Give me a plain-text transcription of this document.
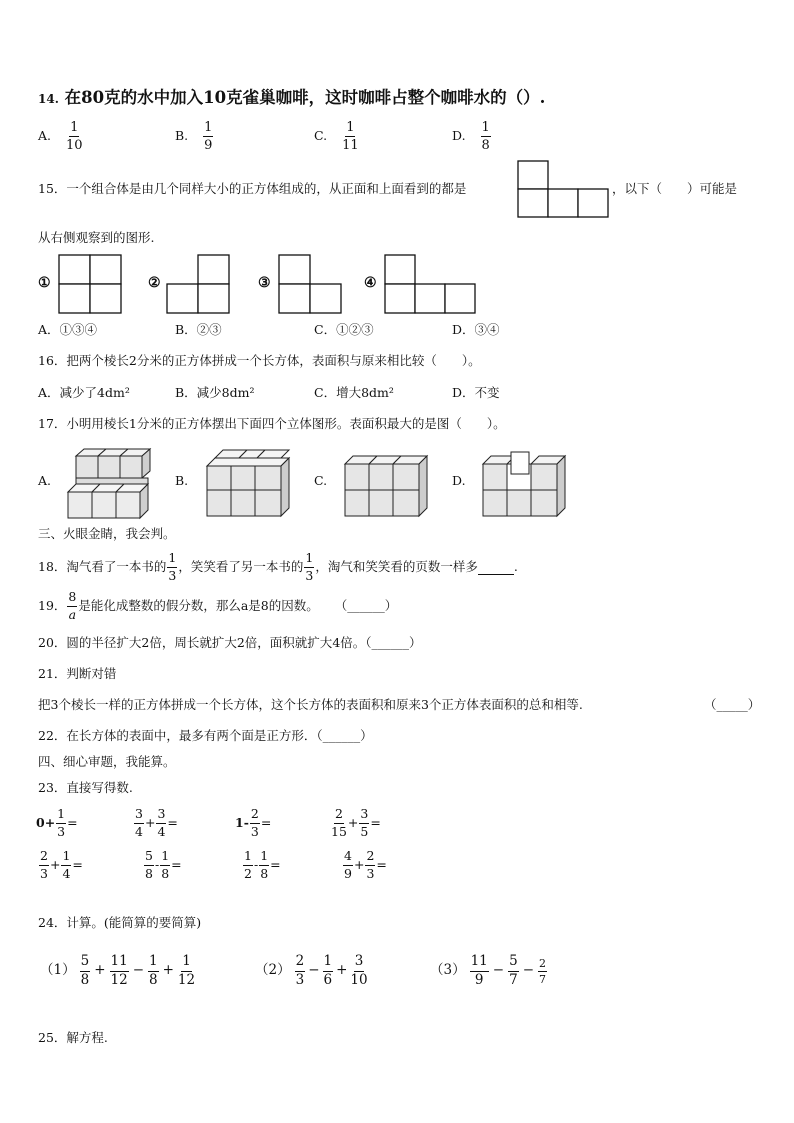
14. 在80克的水中加入10克雀巢咖啡，这时咖啡占整个咖啡水的（）.
A. $\frac{1}{10}$	B. $\frac{1}{9}$	C. $\frac{1}{11}$	D. $\frac{1}{8}$
15．一个组合体是由几个同样大小的正方体组成的，从正面和上面看到的都是	，以下（　　）可能是
从右侧观察到的图形.
①	②	③	④
A．①③④	B．②③	C．①②③	D．③④
16．把两个棱长2分米的正方体拼成一个长方体，表面积与原来相比较（　　）。
A．减少了4dm²	B．减少8dm²	C．增大8dm²	D．不变
17．小明用棱长1分米的正方体摆出下面四个立体图形。表面积最大的是图（　　）。
A.	B.	C.	D.
三、火眼金睛，我会判。
18．淘气看了一本书的 $\frac{1}{3}$ ，笑笑看了另一本书的 $\frac{1}{3}$ ，淘气和笑笑看的页数一样多	.
19． $\frac{8}{a}$ 是能化成整数的假分数，那么a是8的因数。 （______）
20．圆的半径扩大2倍，周长就扩大2倍，面积就扩大4倍。（______）
21．判断对错
把3个棱长一样的正方体拼成一个长方体，这个长方体的表面积和原来3个正方体表面积的总和相等.	（_____）
22．在长方体的表面中，最多有两个面是正方形．（______）
四、细心审题，我能算。
23．直接写得数.
$0+ \frac{1}{3}$ =	$\frac{3}{4} + \frac{3}{4}$ =	$1- \frac{2}{3}$ =	$\frac{2}{15} + \frac{3}{5}$ =
$\frac{2}{3} + \frac{1}{4}$ =	$\frac{5}{8} - \frac{1}{8}$ =	$\frac{1}{2} - \frac{1}{8}$ =	$\frac{4}{9} + \frac{2}{3}$ =
24．计算。(能简算的要简算)
$(1) \frac{5}{8} + \frac{11}{12} - \frac{1}{8} + \frac{1}{12}$	$(2) \frac{2}{3} - \frac{1}{6} + \frac{3}{10}$	$(3) \frac{11}{9} - \frac{5}{7} - \frac{2}{7}$
25．解方程.
